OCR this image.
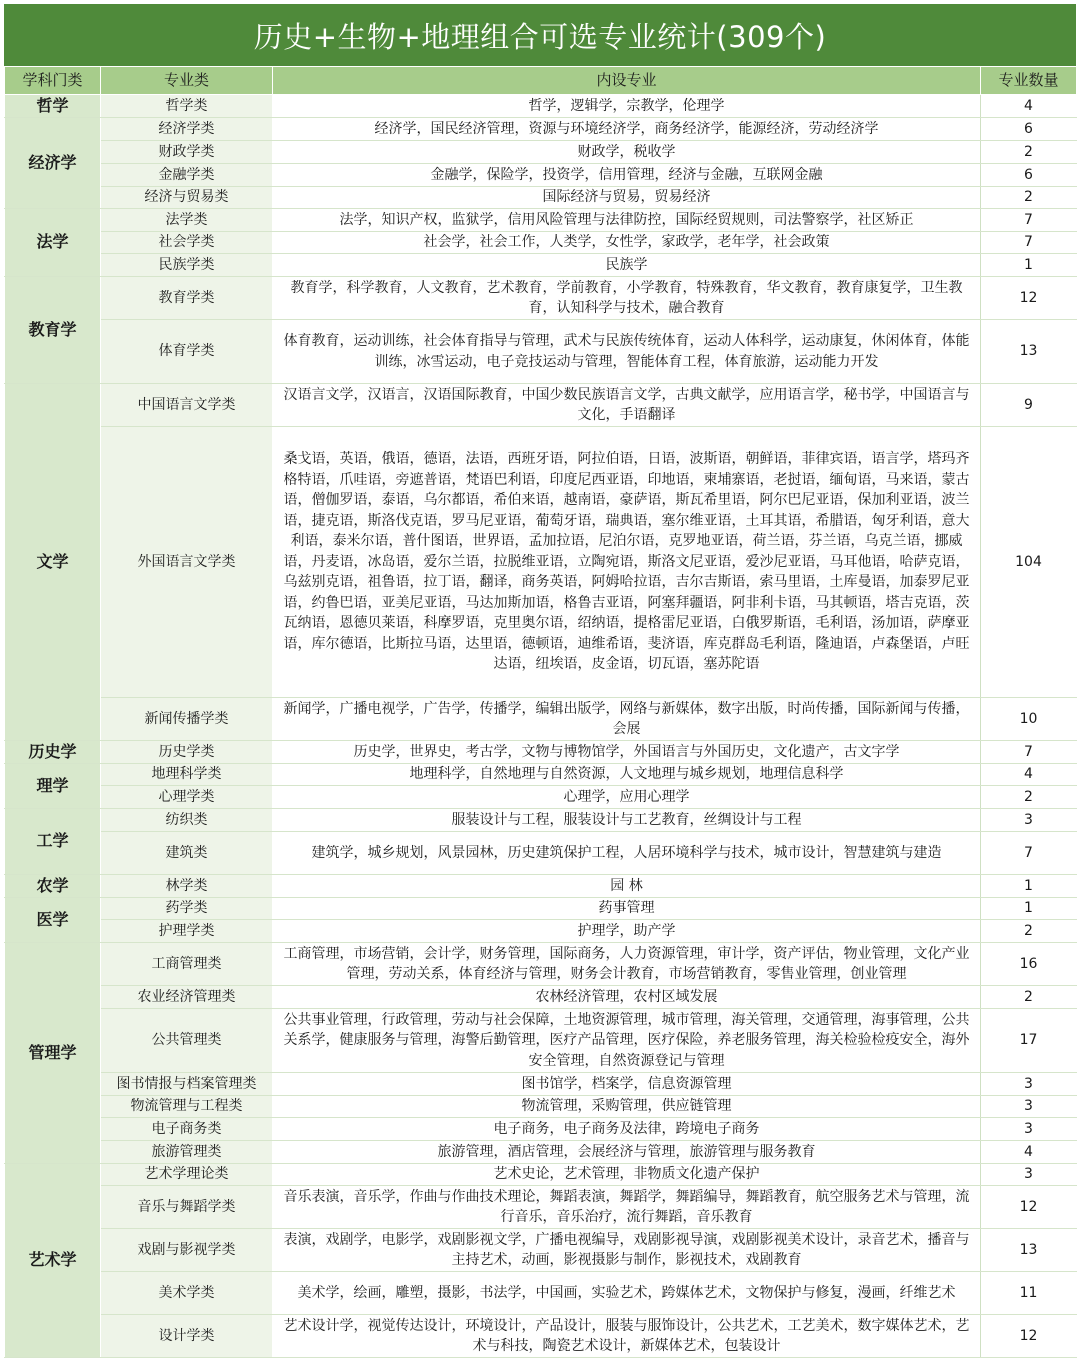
历史+生物+地理组合可选专业统计(309个)
学科门类	专业类	内设专业	专业数量
哲学	哲学类	哲学，逻辑学，宗教学，伦理学	4
经济学	经济学类	经济学，国民经济管理，资源与环境经济学，商务经济学，能源经济，劳动经济学	6
	财政学类	财政学，税收学	2
	金融学类	金融学，保险学，投资学，信用管理，经济与金融，互联网金融	6
	经济与贸易类	国际经济与贸易，贸易经济	2
法学	法学类	法学，知识产权，监狱学，信用风险管理与法律防控，国际经贸规则，司法警察学，社区矫正	7
	社会学类	社会学，社会工作，人类学，女性学，家政学，老年学，社会政策	7
	民族学类	民族学	1
教育学	教育学类	教育学，科学教育，人文教育，艺术教育，学前教育，小学教育，特殊教育，华文教育，教育康复学，卫生教育，认知科学与技术，融合教育	12
	体育学类	体育教育，运动训练，社会体育指导与管理，武术与民族传统体育，运动人体科学，运动康复，休闲体育，体能训练，冰雪运动，电子竞技运动与管理，智能体育工程，体育旅游，运动能力开发	13
文学	中国语言文学类	汉语言文学，汉语言，汉语国际教育，中国少数民族语言文学，古典文献学，应用语言学，秘书学，中国语言与文化，手语翻译	9
	外国语言文学类	桑戈语，英语，俄语，德语，法语，西班牙语，阿拉伯语，日语，波斯语，朝鲜语，菲律宾语，语言学，塔玛齐格特语，爪哇语，旁遮普语，梵语巴利语，印度尼西亚语，印地语，柬埔寨语，老挝语，缅甸语，马来语，蒙古语，僧伽罗语，泰语，乌尔都语，希伯来语，越南语，豪萨语，斯瓦希里语，阿尔巴尼亚语，保加利亚语，波兰语，捷克语，斯洛伐克语，罗马尼亚语，葡萄牙语，瑞典语，塞尔维亚语，土耳其语，希腊语，匈牙利语，意大利语，泰米尔语，普什图语，世界语，孟加拉语，尼泊尔语，克罗地亚语，荷兰语，芬兰语，乌克兰语，挪威语，丹麦语，冰岛语，爱尔兰语，拉脱维亚语，立陶宛语，斯洛文尼亚语，爱沙尼亚语，马耳他语，哈萨克语，乌兹别克语，祖鲁语，拉丁语，翻译，商务英语，阿姆哈拉语，吉尔吉斯语，索马里语，土库曼语，加泰罗尼亚语，约鲁巴语，亚美尼亚语，马达加斯加语，格鲁吉亚语，阿塞拜疆语，阿非利卡语，马其顿语，塔吉克语，茨瓦纳语，恩德贝莱语，科摩罗语，克里奥尔语，绍纳语，提格雷尼亚语，白俄罗斯语，毛利语，汤加语，萨摩亚语，库尔德语，比斯拉马语，达里语，德顿语，迪维希语，斐济语，库克群岛毛利语，隆迪语，卢森堡语，卢旺达语，纽埃语，皮金语，切瓦语，塞苏陀语	104
	新闻传播学类	新闻学，广播电视学，广告学，传播学，编辑出版学，网络与新媒体，数字出版，时尚传播，国际新闻与传播，会展	10
历史学	历史学类	历史学，世界史，考古学，文物与博物馆学，外国语言与外国历史，文化遗产，古文字学	7
理学	地理科学类	地理科学，自然地理与自然资源，人文地理与城乡规划，地理信息科学	4
	心理学类	心理学，应用心理学	2
工学	纺织类	服装设计与工程，服装设计与工艺教育，丝绸设计与工程	3
	建筑类	建筑学，城乡规划，风景园林，历史建筑保护工程，人居环境科学与技术，城市设计，智慧建筑与建造	7
农学	林学类	园 林	1
医学	药学类	药事管理	1
	护理学类	护理学，助产学	2
管理学	工商管理类	工商管理，市场营销，会计学，财务管理，国际商务，人力资源管理，审计学，资产评估，物业管理，文化产业管理，劳动关系，体育经济与管理，财务会计教育，市场营销教育，零售业管理，创业管理	16
	农业经济管理类	农林经济管理，农村区域发展	2
	公共管理类	公共事业管理，行政管理，劳动与社会保障，土地资源管理，城市管理，海关管理，交通管理，海事管理，公共关系学，健康服务与管理，海警后勤管理，医疗产品管理，医疗保险，养老服务管理，海关检验检疫安全，海外安全管理，自然资源登记与管理	17
	图书情报与档案管理类	图书馆学，档案学，信息资源管理	3
	物流管理与工程类	物流管理，采购管理，供应链管理	3
	电子商务类	电子商务，电子商务及法律，跨境电子商务	3
	旅游管理类	旅游管理，酒店管理，会展经济与管理，旅游管理与服务教育	4
艺术学	艺术学理论类	艺术史论，艺术管理，非物质文化遗产保护	3
	音乐与舞蹈学类	音乐表演，音乐学，作曲与作曲技术理论，舞蹈表演，舞蹈学，舞蹈编导，舞蹈教育，航空服务艺术与管理，流行音乐，音乐治疗，流行舞蹈，音乐教育	12
	戏剧与影视学类	表演，戏剧学，电影学，戏剧影视文学，广播电视编导，戏剧影视导演，戏剧影视美术设计，录音艺术，播音与主持艺术，动画，影视摄影与制作，影视技术，戏剧教育	13
	美术学类	美术学，绘画，雕塑，摄影，书法学，中国画，实验艺术，跨媒体艺术，文物保护与修复，漫画，纤维艺术	11
	设计学类	艺术设计学，视觉传达设计，环境设计，产品设计，服装与服饰设计，公共艺术，工艺美术，数字媒体艺术，艺术与科技，陶瓷艺术设计，新媒体艺术，包装设计	12
